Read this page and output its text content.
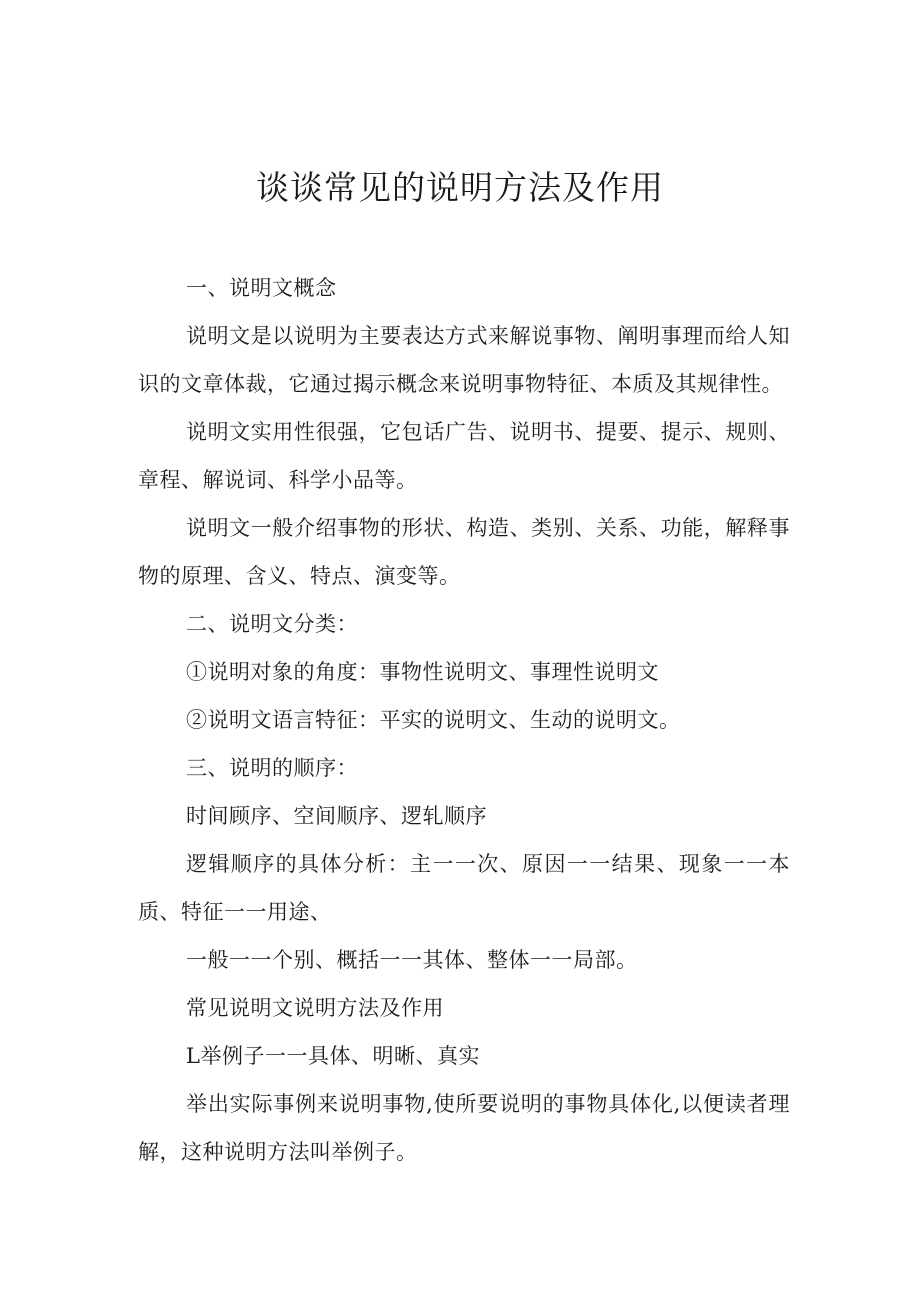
谈谈常见的说明方法及作用

一、说明文概念

说明文是以说明为主要表达方式来解说事物、阐明事理而给人知识的文章体裁，它通过揭示概念来说明事物特征、本质及其规律性。

说明文实用性很强，它包话广告、说明书、提要、提示、规则、章程、解说词、科学小品等。

说明文一般介绍事物的形状、构造、类别、关系、功能，解释事物的原理、含义、特点、演变等。

二、说明文分类：

①说明对象的角度：事物性说明文、事理性说明文

②说明文语言特征：平实的说明文、生动的说明文。

三、说明的顺序：

时间顾序、空间顺序、逻轧顺序

逻辑顺序的具体分析：主一一次、原因一一结果、现象一一本质、特征一一用途、

一般一一个别、概括一一其体、整体一一局部。

常见说明文说明方法及作用

L举例子一一具体、明晰、真实

举出实际事例来说明事物,使所要说明的事物具体化,以便读者理解，这种说明方法叫举例子。
